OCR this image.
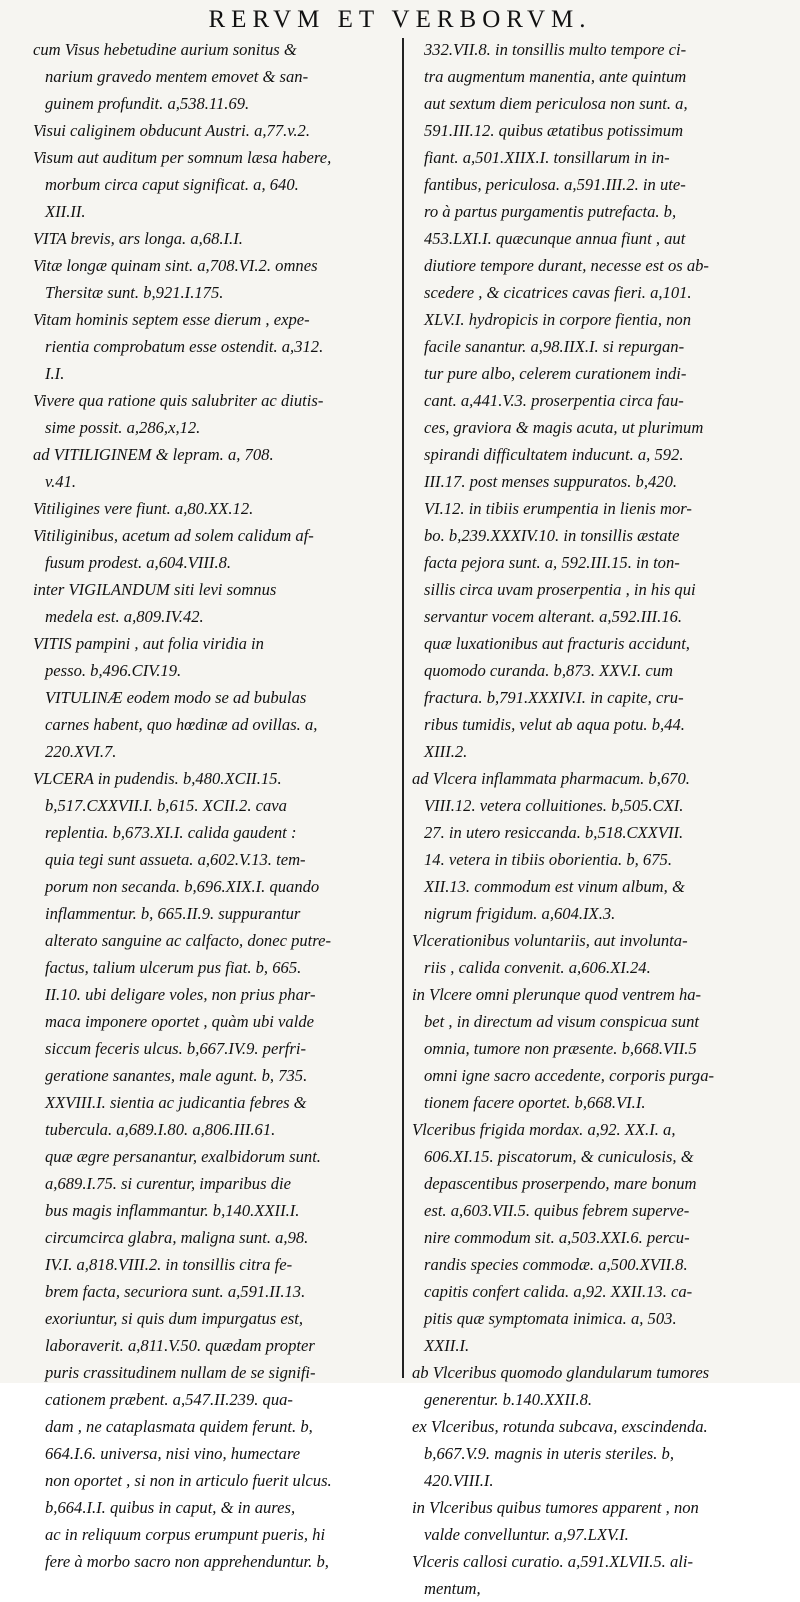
RERVM ET VERBORVM.
cum Visus hebetudine aurium sonitus &
narium gravedo mentem emovet & san-
guinem profundit. a,538.11.69.
Visui caliginem obducunt Austri. a,77.v.2.
Visum aut auditum per somnum læsa habere,
morbum circa caput significat. a, 640.
XII.II.
VITA brevis, ars longa. a,68.I.I.
Vitæ longæ quinam sint. a,708.VI.2. omnes
Thersitæ sunt. b,921.I.175.
Vitam hominis septem esse dierum , expe-
rientia comprobatum esse ostendit. a,312.
I.I.
Vivere qua ratione quis salubriter ac diutis-
sime possit. a,286,x,12.
ad VITILIGINEM & lepram. a, 708.
v.41.
Vitiligines vere fiunt. a,80.XX.12.
Vitiliginibus, acetum ad solem calidum af-
fusum prodest. a,604.VIII.8.
inter VIGILANDUM siti levi somnus
medela est. a,809.IV.42.
VITIS pampini , aut folia viridia in
pesso. b,496.CIV.19.
VITULINÆ eodem modo se ad bubulas
carnes habent, quo hœdinæ ad ovillas. a,
220.XVI.7.
VLCERA in pudendis. b,480.XCII.15.
b,517.CXXVII.I. b,615. XCII.2. cava
replentia. b,673.XI.I. calida gaudent :
quia tegi sunt assueta. a,602.V.13. tem-
porum non secanda. b,696.XIX.I. quando
inflammentur. b, 665.II.9. suppurantur
alterato sanguine ac calfacto, donec putre-
factus, talium ulcerum pus fiat. b, 665.
II.10. ubi deligare voles, non prius phar-
maca imponere oportet , quàm ubi valde
siccum feceris ulcus. b,667.IV.9. perfri-
geratione sanantes, male agunt. b, 735.
XXVIII.I. sientia ac judicantia febres &
tubercula. a,689.I.80. a,806.III.61.
quæ ægre persanantur, exalbidorum sunt.
a,689.I.75. si curentur, imparibus die
bus magis inflammantur. b,140.XXII.I.
circumcirca glabra, maligna sunt. a,98.
IV.I. a,818.VIII.2. in tonsillis citra fe-
brem facta, securiora sunt. a,591.II.13.
exoriuntur, si quis dum impurgatus est,
laboraverit. a,811.V.50. quædam propter
puris crassitudinem nullam de se signifi-
cationem præbent. a,547.II.239. qua-
dam , ne cataplasmata quidem ferunt. b,
664.I.6. universa, nisi vino, humectare
non oportet , si non in articulo fuerit ulcus.
b,664.I.I. quibus in caput, & in aures,
ac in reliquum corpus erumpunt pueris, hi
fere à morbo sacro non apprehenduntur. b,
332.VII.8. in tonsillis multo tempore ci-
tra augmentum manentia, ante quintum
aut sextum diem periculosa non sunt. a,
591.III.12. quibus ætatibus potissimum
fiant. a,501.XIIX.I. tonsillarum in in-
fantibus, periculosa. a,591.III.2. in ute-
ro à partus purgamentis putrefacta. b,
453.LXI.I. quæcunque annua fiunt , aut
diutiore tempore durant, necesse est os ab-
scedere , & cicatrices cavas fieri. a,101.
XLV.I. hydropicis in corpore fientia, non
facile sanantur. a,98.IIX.I. si repurgan-
tur pure albo, celerem curationem indi-
cant. a,441.V.3. proserpentia circa fau-
ces, graviora & magis acuta, ut plurimum
spirandi difficultatem inducunt. a, 592.
III.17. post menses suppuratos. b,420.
VI.12. in tibiis erumpentia in lienis mor-
bo. b,239.XXXIV.10. in tonsillis æstate
facta pejora sunt. a, 592.III.15. in ton-
sillis circa uvam proserpentia , in his qui
servantur vocem alterant. a,592.III.16.
quæ luxationibus aut fracturis accidunt,
quomodo curanda. b,873. XXV.I. cum
fractura. b,791.XXXIV.I. in capite, cru-
ribus tumidis, velut ab aqua potu. b,44.
XIII.2.
ad Vlcera inflammata pharmacum. b,670.
VIII.12. vetera colluitiones. b,505.CXI.
27. in utero resiccanda. b,518.CXXVII.
14. vetera in tibiis oborientia. b, 675.
XII.13. commodum est vinum album, &
nigrum frigidum. a,604.IX.3.
Vlcerationibus voluntariis, aut involunta-
riis , calida convenit. a,606.XI.24.
in Vlcere omni plerunque quod ventrem ha-
bet , in directum ad visum conspicua sunt
omnia, tumore non præsente. b,668.VII.5
omni igne sacro accedente, corporis purga-
tionem facere oportet. b,668.VI.I.
Vlceribus frigida mordax. a,92. XX.I. a,
606.XI.15. piscatorum, & cuniculosis, &
depascentibus proserpendo, mare bonum
est. a,603.VII.5. quibus febrem superve-
nire commodum sit. a,503.XXI.6. percu-
randis species commodæ. a,500.XVII.8.
capitis confert calida. a,92. XXII.13. ca-
pitis quæ symptomata inimica. a, 503.
XXII.I.
ab Vlceribus quomodo glandularum tumores
generentur. b.140.XXII.8.
ex Vlceribus, rotunda subcava, exscindenda.
b,667.V.9. magnis in uteris steriles. b,
420.VIII.I.
in Vlceribus quibus tumores apparent , non
valde convelluntur. a,97.LXV.I.
Vlceris callosi curatio. a,591.XLVII.5. ali-
mentum,
